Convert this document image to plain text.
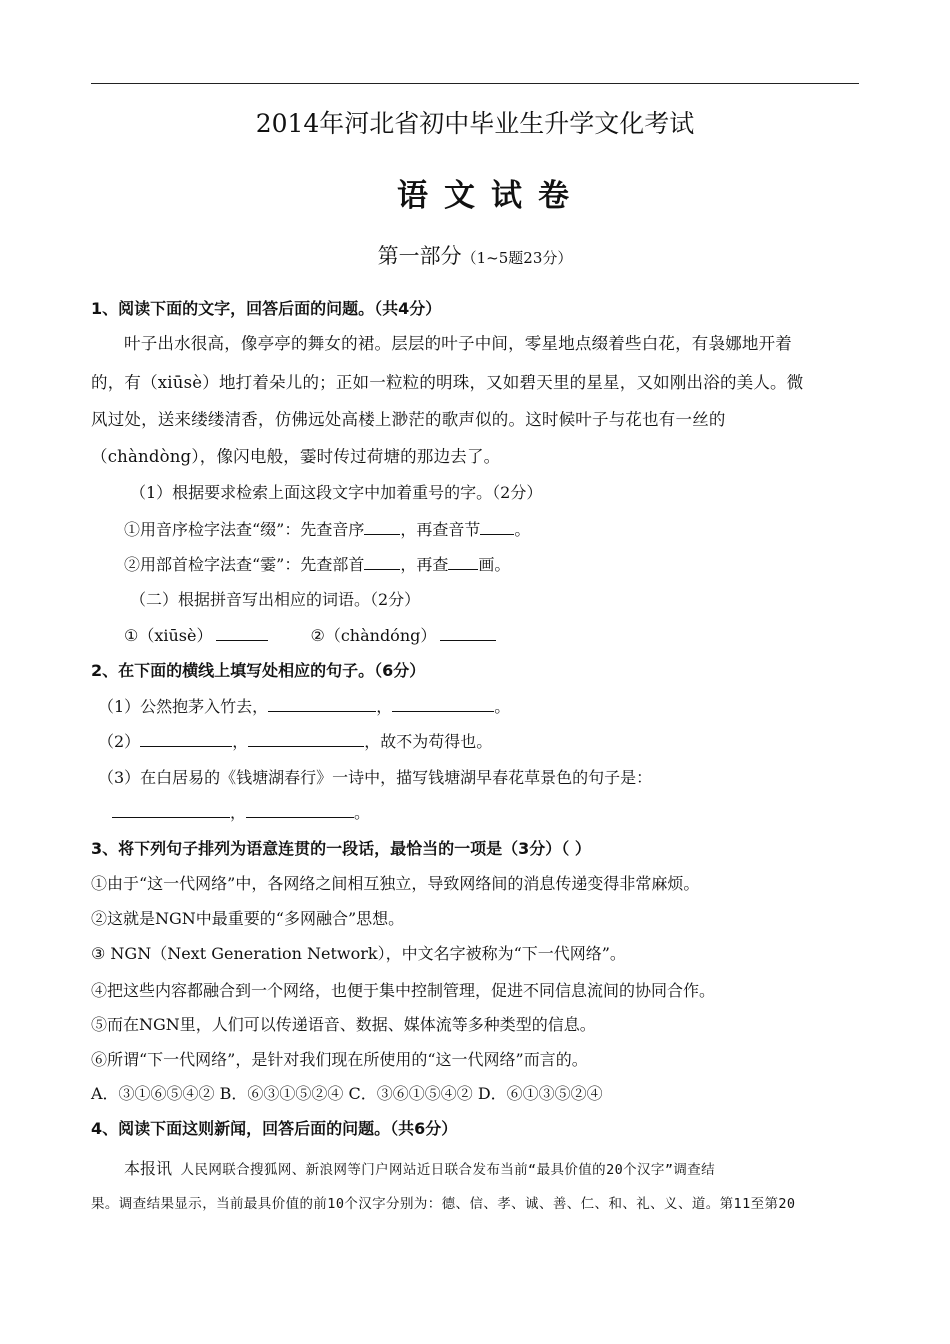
2014年河北省初中毕业生升学文化考试
语文试卷
第一部分（1~5题23分）
1、阅读下面的文字，回答后面的问题。（共4分）
叶子出水很高，像亭亭的舞女的裙。层层的叶子中间，零星地点缀着些白花，有袅娜地开着
的，有（xiūsè）地打着朵儿的；正如一粒粒的明珠，又如碧天里的星星，又如刚出浴的美人。微
风过处，送来缕缕清香，仿佛远处高楼上渺茫的歌声似的。这时候叶子与花也有一丝的
（chàndòng），像闪电般，霎时传过荷塘的那边去了。
（1）根据要求检索上面这段文字中加着重号的字。（2分）
①用音序检字法查“缀”：先查音序 ，再查音节 。
②用部首检字法查“霎”：先查部首 ，再查 画。
（二）根据拼音写出相应的词语。（2分）
①（xiūsè）	②（chàndóng）
2、在下面的横线上填写处相应的句子。（6分）
（1）公然抱茅入竹去，	，	。
（2）	，	，故不为苟得也。
（3）在白居易的《钱塘湖春行》一诗中，描写钱塘湖早春花草景色的句子是：
，	。
3、将下列句子排列为语意连贯的一段话，最恰当的一项是（3分）（ ）
①由于“这一代网络”中，各网络之间相互独立，导致网络间的消息传递变得非常麻烦。
②这就是NGN中最重要的“多网融合”思想。
③ NGN（Next Generation Network），中文名字被称为“下一代网络”。
④把这些内容都融合到一个网络，也便于集中控制管理，促进不同信息流间的协同合作。
⑤而在NGN里，人们可以传递语音、数据、媒体流等多种类型的信息。
⑥所谓“下一代网络”，是针对我们现在所使用的“这一代网络”而言的。
A．③①⑥⑤④② B．⑥③①⑤②④ C．③⑥①⑤④② D．⑥①③⑤②④
4、阅读下面这则新闻，回答后面的问题。（共6分）
本报讯 人民网联合搜狐网、新浪网等门户网站近日联合发布当前“最具价值的20个汉字”调查结
果。调查结果显示，当前最具价值的前10个汉字分别为：德、信、孝、诚、善、仁、和、礼、义、道。第11至第20
